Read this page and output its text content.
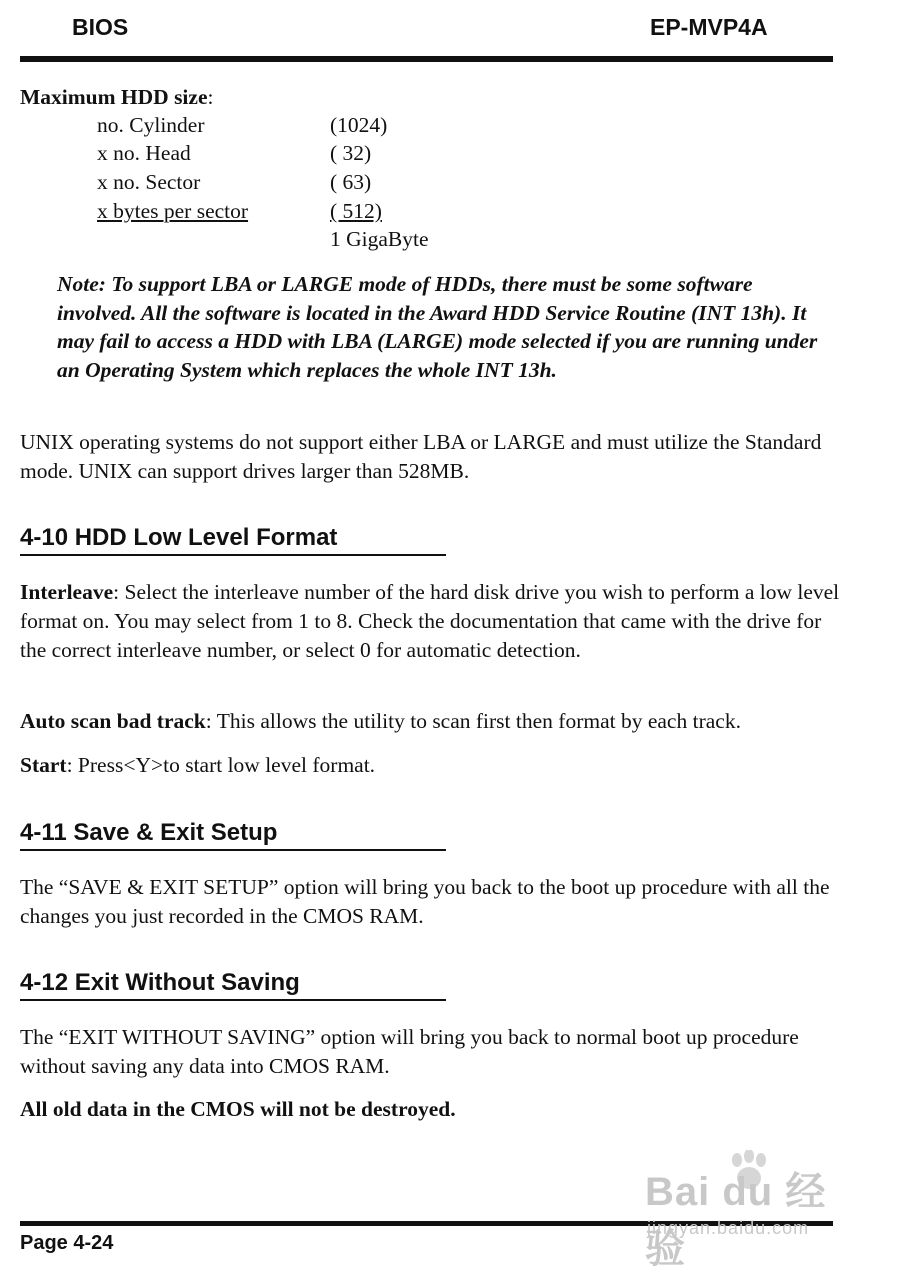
BIOS	EP-MVP4A
Maximum HDD size:
no. Cylinder	(1024)
x no. Head	( 32)
x no. Sector	( 63)
x bytes per sector	( 512)
1 GigaByte

Note: To support LBA or LARGE mode of HDDs, there must be some software involved. All the software is located in the Award HDD Service Routine (INT 13h). It may fail to access a HDD with LBA (LARGE) mode selected if you are running under an Operating System which replaces the whole INT 13h.

UNIX operating systems do not support either LBA or LARGE and must utilize the Standard mode. UNIX can support drives larger than 528MB.

4-10 HDD Low Level Format

Interleave: Select the interleave number of the hard disk drive you wish to perform a low level format on. You may select from 1 to 8. Check the documentation that came with the drive for the correct interleave number, or select 0 for automatic detection.

Auto scan bad track: This allows the utility to scan first then format by each track.

Start: Press<Y>to start low level format.

4-11 Save & Exit Setup

The “SAVE & EXIT SETUP” option will bring you back to the boot up procedure with all the changes you just recorded in the CMOS RAM.

4-12 Exit Without Saving

The “EXIT WITHOUT SAVING” option will bring you back to normal boot up procedure without saving any data into CMOS RAM.

All old data in the CMOS will not be destroyed.

Page 4-24
Bai du 经验
jingyan.baidu.com
